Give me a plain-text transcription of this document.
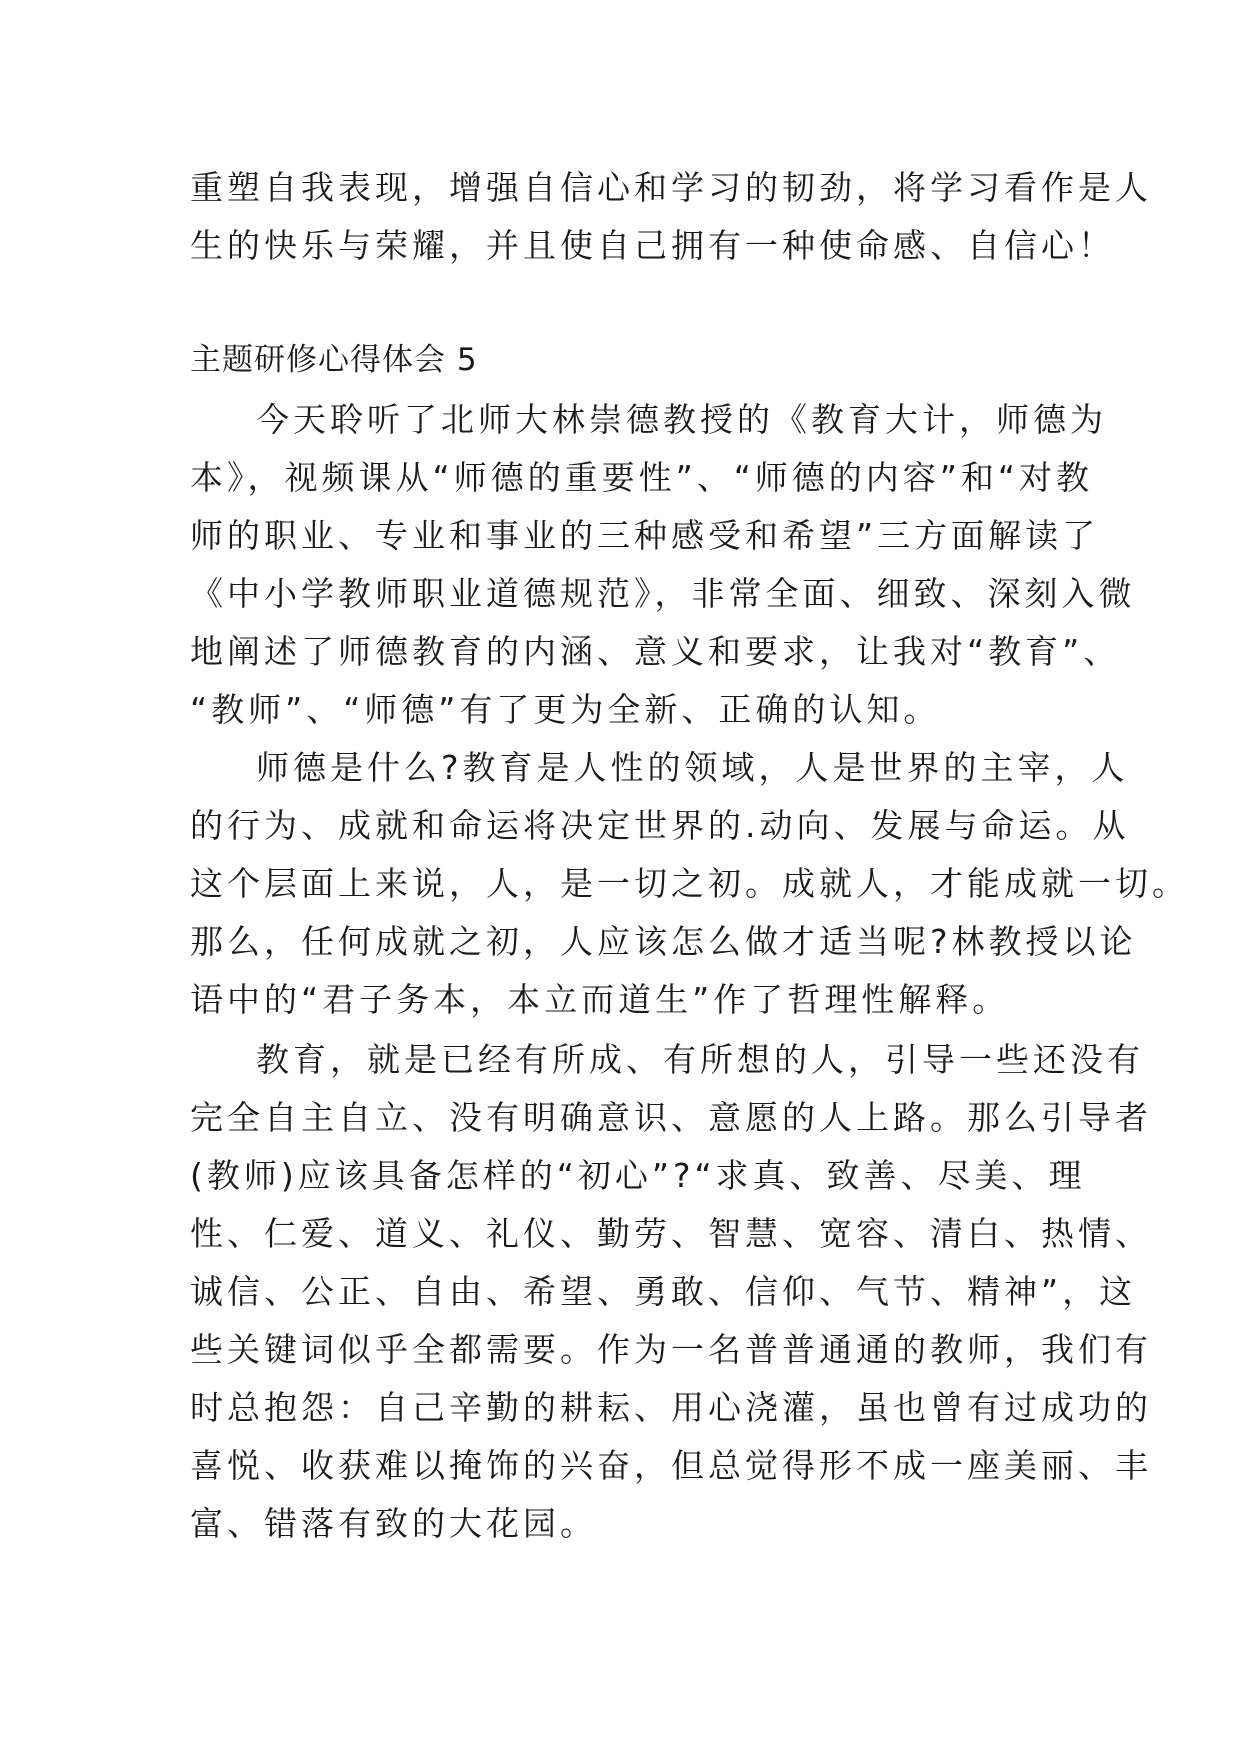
重塑自我表现，增强自信心和学习的韧劲，将学习看作是人
生的快乐与荣耀，并且使自己拥有一种使命感、自信心！
主题研修心得体会 5
今天聆听了北师大林崇德教授的《教育大计，师德为
本》，视频课从“师德的重要性”、“师德的内容”和“对教
师的职业、专业和事业的三种感受和希望”三方面解读了
《中小学教师职业道德规范》，非常全面、细致、深刻入微
地阐述了师德教育的内涵、意义和要求，让我对“教育”、
“教师”、“师德”有了更为全新、正确的认知。
师德是什么?教育是人性的领域，人是世界的主宰，人
的行为、成就和命运将决定世界的.动向、发展与命运。从
这个层面上来说，人，是一切之初。成就人，才能成就一切。
那么，任何成就之初，人应该怎么做才适当呢?林教授以论
语中的“君子务本，本立而道生”作了哲理性解释。
教育，就是已经有所成、有所想的人，引导一些还没有
完全自主自立、没有明确意识、意愿的人上路。那么引导者
(教师)应该具备怎样的“初心”?“求真、致善、尽美、理
性、仁爱、道义、礼仪、勤劳、智慧、宽容、清白、热情、
诚信、公正、自由、希望、勇敢、信仰、气节、精神”，这
些关键词似乎全都需要。作为一名普普通通的教师，我们有
时总抱怨：自己辛勤的耕耘、用心浇灌，虽也曾有过成功的
喜悦、收获难以掩饰的兴奋，但总觉得形不成一座美丽、丰
富、错落有致的大花园。
